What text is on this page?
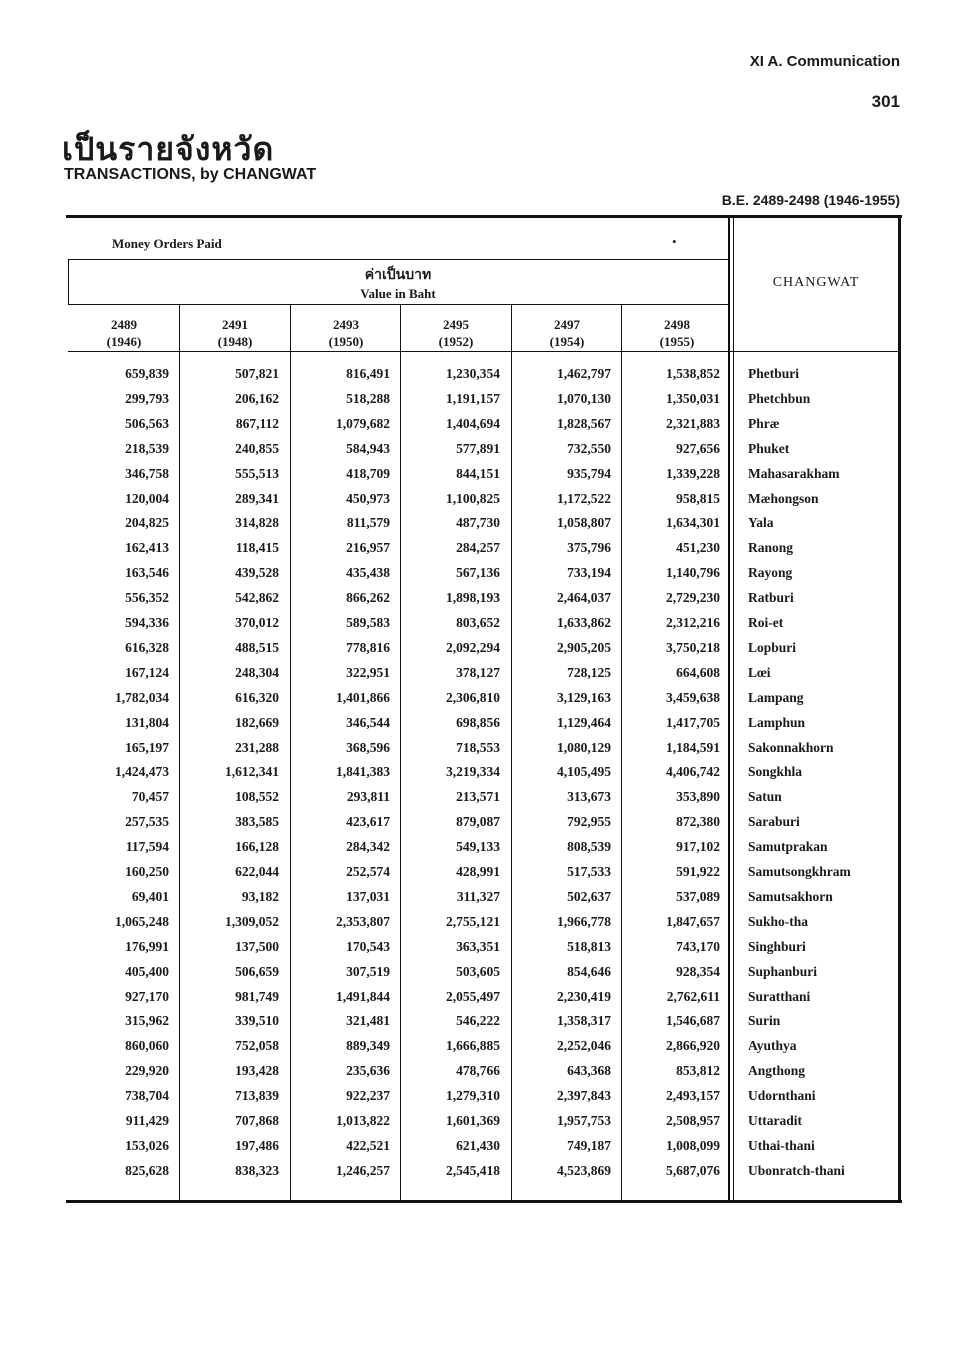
XI A. Communication
301
เป็นรายจังหวัด
TRANSACTIONS, by CHANGWAT
B.E. 2489-2498 (1946-1955)
Money Orders Paid	•
ค่าเป็นบาท
Value in Baht
CHANGWAT
2489
(1946)
2491
(1948)
2493
(1950)
2495
(1952)
2497
(1954)
2498
(1955)
659,839	507,821	816,491	1,230,354	1,462,797	1,538,852 Phetburi
299,793	206,162	518,288	1,191,157	1,070,130	1,350,031 Phetchbun
506,563	867,112	1,079,682	1,404,694	1,828,567	2,321,883 Phræ
218,539	240,855	584,943	577,891	732,550	927,656 Phuket
346,758	555,513	418,709	844,151	935,794	1,339,228 Mahasarakham
120,004	289,341	450,973	1,100,825	1,172,522	958,815 Mæhongson
204,825	314,828	811,579	487,730	1,058,807	1,634,301 Yala
162,413	118,415	216,957	284,257	375,796	451,230 Ranong
163,546	439,528	435,438	567,136	733,194	1,140,796 Rayong
556,352	542,862	866,262	1,898,193	2,464,037	2,729,230 Ratburi
594,336	370,012	589,583	803,652	1,633,862	2,312,216 Roi-et
616,328	488,515	778,816	2,092,294	2,905,205	3,750,218 Lopburi
167,124	248,304	322,951	378,127	728,125	664,608 Lœi
1,782,034	616,320	1,401,866	2,306,810	3,129,163	3,459,638 Lampang
131,804	182,669	346,544	698,856	1,129,464	1,417,705 Lamphun
165,197	231,288	368,596	718,553	1,080,129	1,184,591 Sakonnakhorn
1,424,473	1,612,341	1,841,383	3,219,334	4,105,495	4,406,742 Songkhla
70,457	108,552	293,811	213,571	313,673	353,890 Satun
257,535	383,585	423,617	879,087	792,955	872,380 Saraburi
117,594	166,128	284,342	549,133	808,539	917,102 Samutprakan
160,250	622,044	252,574	428,991	517,533	591,922 Samutsongkhram
69,401	93,182	137,031	311,327	502,637	537,089 Samutsakhorn
1,065,248	1,309,052	2,353,807	2,755,121	1,966,778	1,847,657 Sukho-tha
176,991	137,500	170,543	363,351	518,813	743,170 Singhburi
405,400	506,659	307,519	503,605	854,646	928,354 Suphanburi
927,170	981,749	1,491,844	2,055,497	2,230,419	2,762,611 Suratthani
315,962	339,510	321,481	546,222	1,358,317	1,546,687 Surin
860,060	752,058	889,349	1,666,885	2,252,046	2,866,920 Ayuthya
229,920	193,428	235,636	478,766	643,368	853,812 Angthong
738,704	713,839	922,237	1,279,310	2,397,843	2,493,157 Udornthani
911,429	707,868	1,013,822	1,601,369	1,957,753	2,508,957 Uttaradit
153,026	197,486	422,521	621,430	749,187	1,008,099 Uthai-thani
825,628	838,323	1,246,257	2,545,418	4,523,869	5,687,076 Ubonratch-thani
